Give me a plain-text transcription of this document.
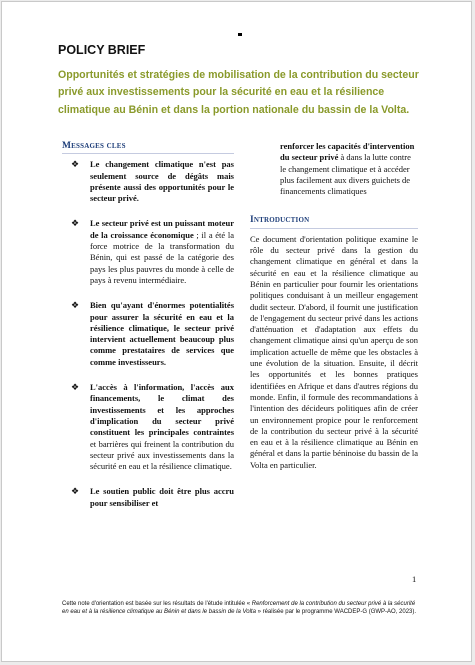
POLICY BRIEF
Opportunités et stratégies de mobilisation de la contribution du secteur privé aux investissements pour la sécurité en eau et la résilience climatique au Bénin et dans la portion nationale du bassin de la Volta.
Messages cles
❖ Le changement climatique n'est pas seulement source de dégâts mais présente aussi des opportunités pour le secteur privé.
❖ Le secteur privé est un puissant moteur de la croissance économique ; il a été la force motrice de la transformation du Bénin, qui est passé de la catégorie des pays les plus pauvres du monde à celle de pays à revenu intermédiaire.
❖ Bien qu'ayant d'énormes potentialités pour assurer la sécurité en eau et la résilience climatique, le secteur privé intervient actuellement beaucoup plus comme prestataires de services que comme investisseurs.
❖ L'accès à l'information, l'accès aux financements, le climat des investissements et les approches d'implication du secteur privé constituent les principales contraintes et barrières qui freinent la contribution du secteur privé aux investissements dans la sécurité en eau et la résilience climatique.
❖ Le soutien public doit être plus accru pour sensibiliser et

renforcer les capacités d'intervention du secteur privé à dans la lutte contre le changement climatique et à accéder plus facilement aux divers guichets de financements climatiques

Introduction

Ce document d'orientation politique examine le rôle du secteur privé dans la gestion du changement climatique en général et dans la sécurité en eau et la résilience climatique au Bénin en particulier pour fournir les orientations politiques conduisant à un meilleur engagement dudit secteur. D'abord, il fournit une justification de l'engagement du secteur privé dans les actions d'atténuation et d'adaptation aux effets du changement climatique ainsi qu'un aperçu de son implication actuelle de même que les obstacles à une évolution de la situation. Ensuite, il décrit les opportunités et les bonnes pratiques identifiées en Afrique et dans d'autres régions du monde. Enfin, il formule des recommandations à l'intention des décideurs politiques afin de créer un environnement propice pour le renforcement de la contribution du secteur privé à la sécurité en eau et à la résilience climatique au Bénin en général et dans la partie béninoise du bassin de la Volta en particulier.

1
Cette note d'orientation est basée sur les résultats de l'étude intitulée « Renforcement de la contribution du secteur privé à la sécurité en eau et à la résilience climatique au Bénin et dans le bassin de la Volta » réalisée par le programme WACDEP-G (GWP-AO, 2023).
